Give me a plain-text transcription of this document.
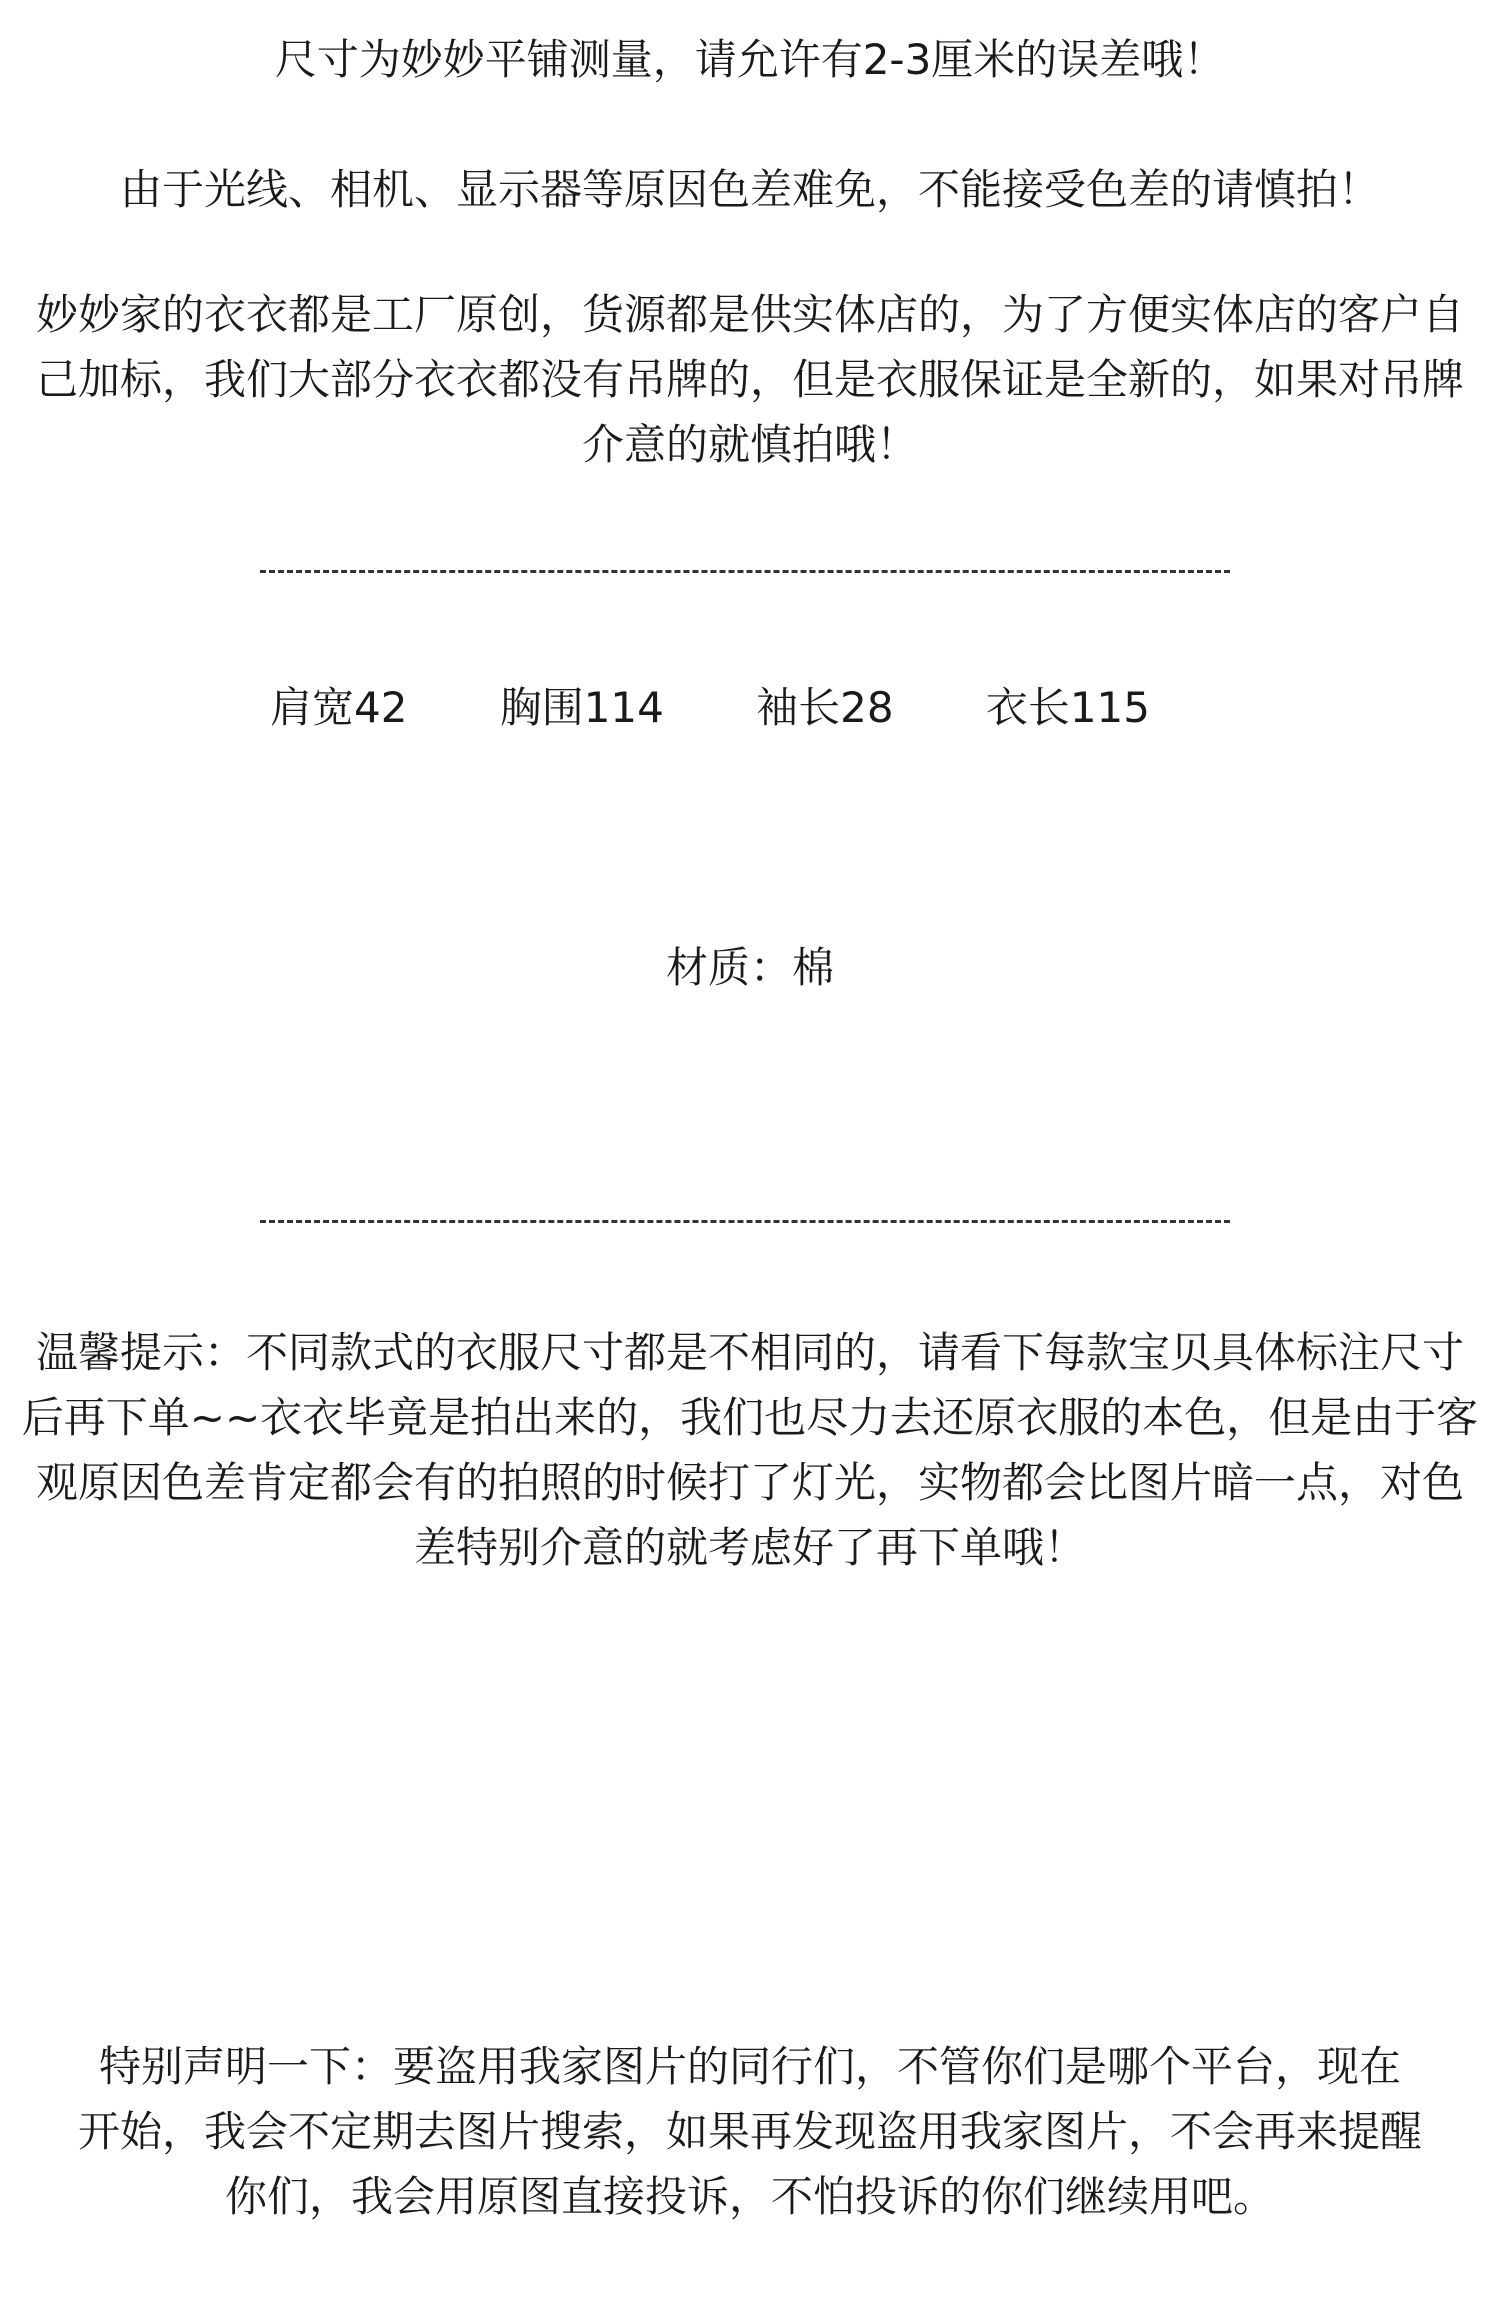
尺寸为妙妙平铺测量，请允许有2-3厘米的误差哦！

由于光线、相机、显示器等原因色差难免，不能接受色差的请慎拍！

妙妙家的衣衣都是工厂原创，货源都是供实体店的，为了方便实体店的客户自

己加标，我们大部分衣衣都没有吊牌的，但是衣服保证是全新的，如果对吊牌

介意的就慎拍哦！

肩宽42 胸围114 袖长28 衣长115

材质：棉

温馨提示：不同款式的衣服尺寸都是不相同的，请看下每款宝贝具体标注尺寸

后再下单~~衣衣毕竟是拍出来的，我们也尽力去还原衣服的本色，但是由于客

观原因色差肯定都会有的拍照的时候打了灯光，实物都会比图片暗一点，对色

差特别介意的就考虑好了再下单哦！

特别声明一下：要盗用我家图片的同行们，不管你们是哪个平台，现在

开始，我会不定期去图片搜索，如果再发现盗用我家图片，不会再来提醒

你们，我会用原图直接投诉，不怕投诉的你们继续用吧。
